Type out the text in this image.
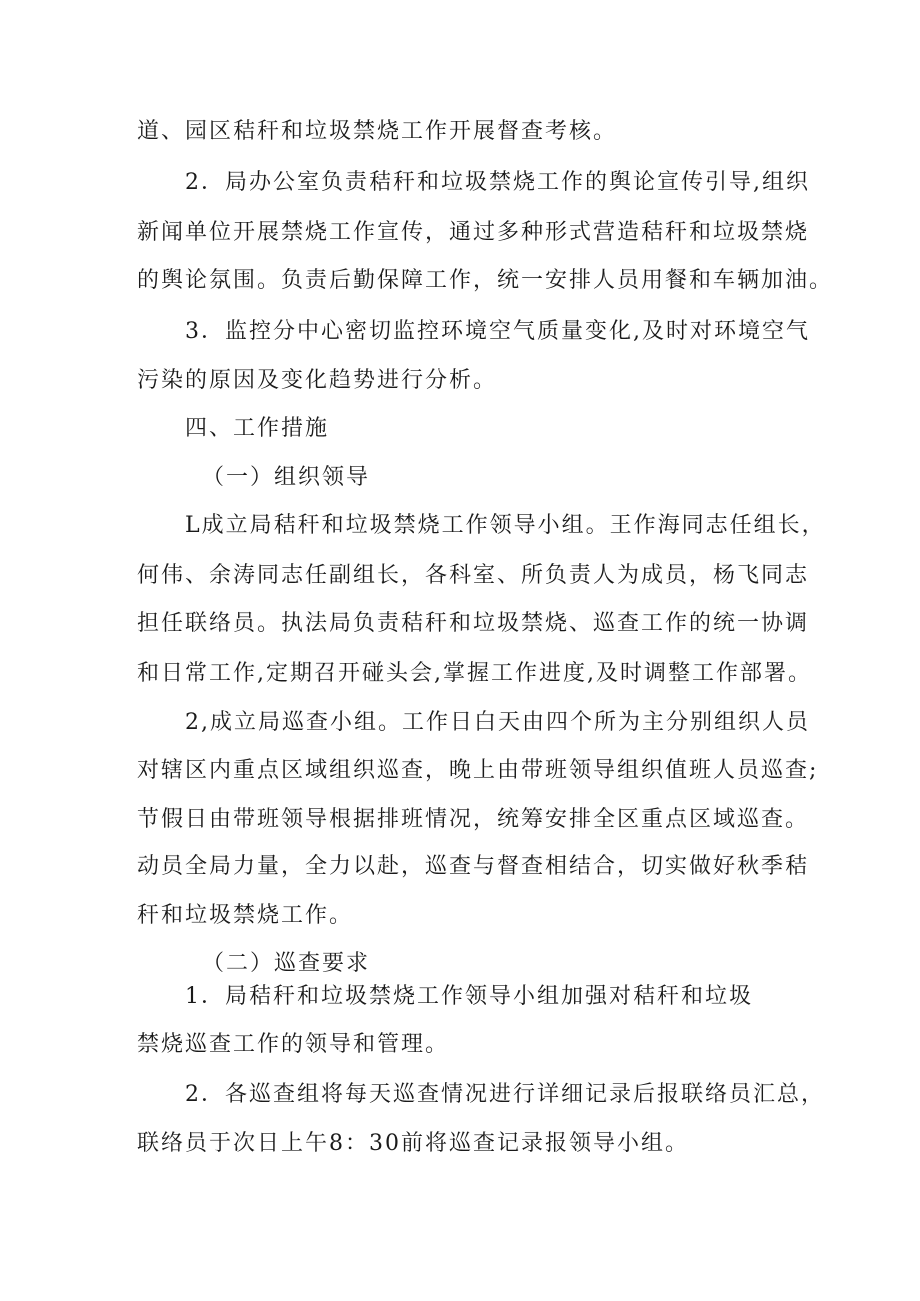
道、园区秸秆和垃圾禁烧工作开展督查考核。
2．局办公室负责秸秆和垃圾禁烧工作的舆论宣传引导,组织
新闻单位开展禁烧工作宣传，通过多种形式营造秸秆和垃圾禁烧
的舆论氛围。负责后勤保障工作，统一安排人员用餐和车辆加油。
3．监控分中心密切监控环境空气质量变化,及时对环境空气
污染的原因及变化趋势进行分析。
四、工作措施
（一）组织领导
L成立局秸秆和垃圾禁烧工作领导小组。王作海同志任组长，
何伟、余涛同志任副组长，各科室、所负责人为成员，杨飞同志
担任联络员。执法局负责秸秆和垃圾禁烧、巡查工作的统一协调
和日常工作,定期召开碰头会,掌握工作进度,及时调整工作部署。
2,成立局巡查小组。工作日白天由四个所为主分别组织人员
对辖区内重点区域组织巡查，晚上由带班领导组织值班人员巡查;
节假日由带班领导根据排班情况，统筹安排全区重点区域巡查。
动员全局力量，全力以赴，巡查与督查相结合，切实做好秋季秸
秆和垃圾禁烧工作。
（二）巡查要求
1．局秸秆和垃圾禁烧工作领导小组加强对秸秆和垃圾
禁烧巡查工作的领导和管理。
2．各巡查组将每天巡查情况进行详细记录后报联络员汇总，
联络员于次日上午8：30前将巡查记录报领导小组。
